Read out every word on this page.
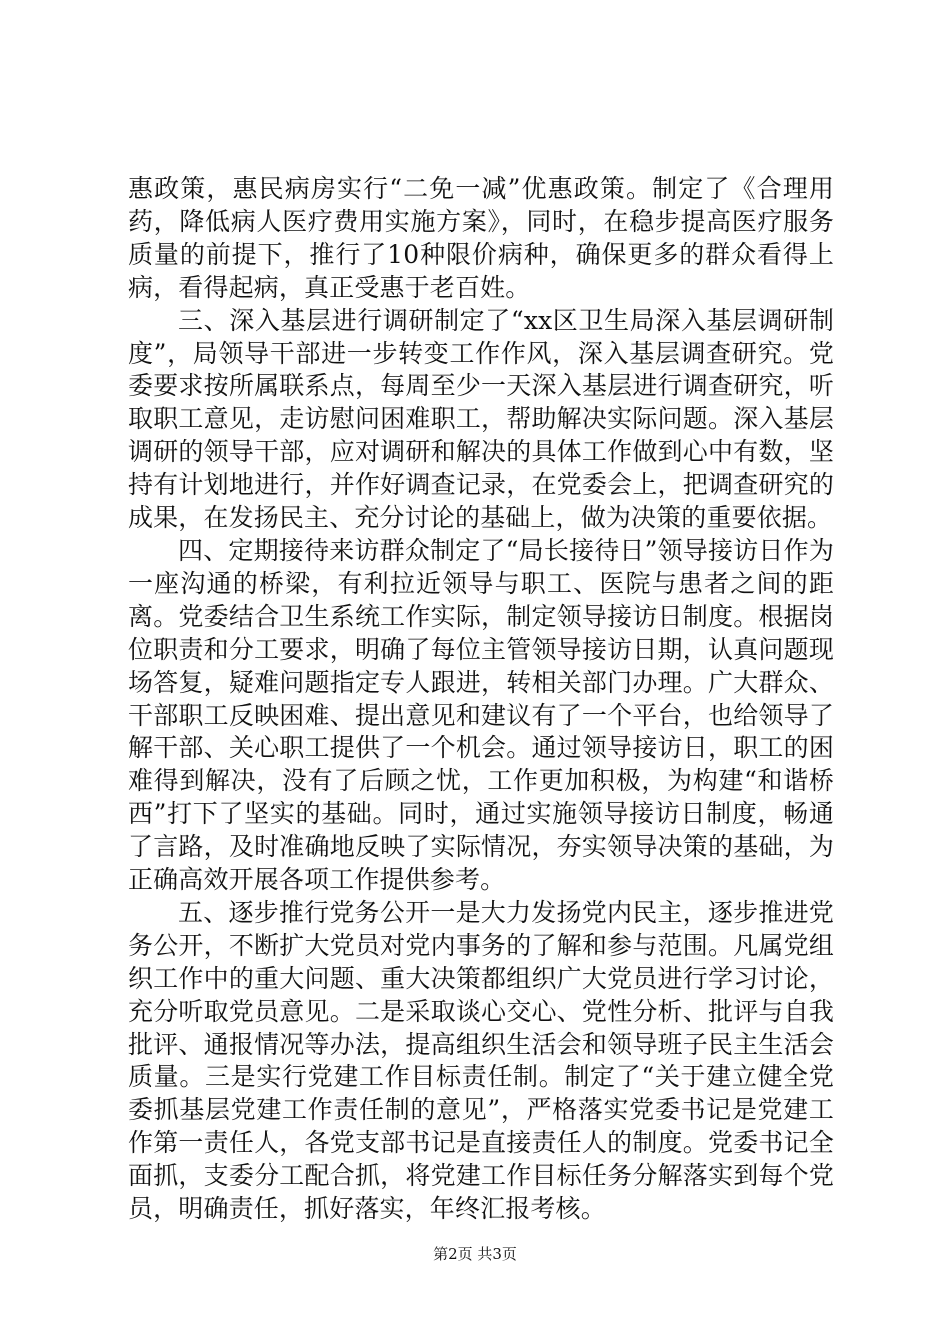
惠政策，惠民病房实行“二免一减”优惠政策。制定了《合理用药，降低病人医疗费用实施方案》，同时，在稳步提高医疗服务质量的前提下，推行了10种限价病种，确保更多的群众看得上病，看得起病，真正受惠于老百姓。

三、深入基层进行调研制定了“xx区卫生局深入基层调研制度”，局领导干部进一步转变工作作风，深入基层调查研究。党委要求按所属联系点，每周至少一天深入基层进行调查研究，听取职工意见，走访慰问困难职工，帮助解决实际问题。深入基层调研的领导干部，应对调研和解决的具体工作做到心中有数，坚持有计划地进行，并作好调查记录，在党委会上，把调查研究的成果，在发扬民主、充分讨论的基础上，做为决策的重要依据。

四、定期接待来访群众制定了“局长接待日”领导接访日作为一座沟通的桥梁，有利拉近领导与职工、医院与患者之间的距离。党委结合卫生系统工作实际，制定领导接访日制度。根据岗位职责和分工要求，明确了每位主管领导接访日期，认真问题现场答复，疑难问题指定专人跟进，转相关部门办理。广大群众、干部职工反映困难、提出意见和建议有了一个平台，也给领导了解干部、关心职工提供了一个机会。通过领导接访日，职工的困难得到解决，没有了后顾之忧，工作更加积极，为构建“和谐桥西”打下了坚实的基础。同时，通过实施领导接访日制度，畅通了言路，及时准确地反映了实际情况，夯实领导决策的基础，为正确高效开展各项工作提供参考。

五、逐步推行党务公开一是大力发扬党内民主，逐步推进党务公开，不断扩大党员对党内事务的了解和参与范围。凡属党组织工作中的重大问题、重大决策都组织广大党员进行学习讨论，充分听取党员意见。二是采取谈心交心、党性分析、批评与自我批评、通报情况等办法，提高组织生活会和领导班子民主生活会质量。三是实行党建工作目标责任制。制定了“关于建立健全党委抓基层党建工作责任制的意见”，严格落实党委书记是党建工作第一责任人，各党支部书记是直接责任人的制度。党委书记全面抓，支委分工配合抓，将党建工作目标任务分解落实到每个党员，明确责任，抓好落实，年终汇报考核。

第2页 共3页
